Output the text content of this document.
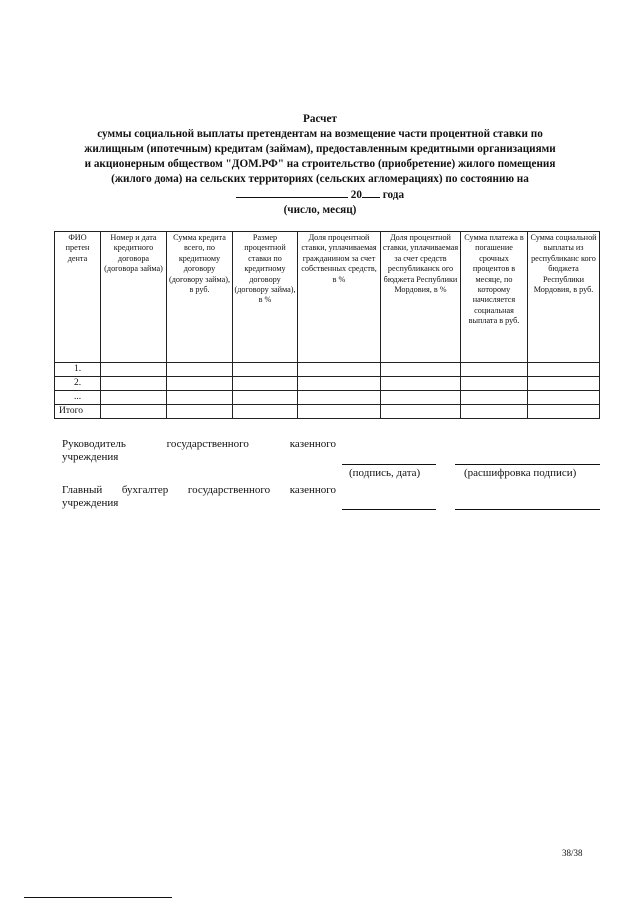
Расчет
суммы социальной выплаты претендентам на возмещение части процентной ставки по
жилищным (ипотечным) кредитам (займам), предоставленным кредитными организациями
и акционерным обществом "ДОМ.РФ" на строительство (приобретение) жилого помещения
(жилого дома) на сельских территориях (сельских агломерациях) по состоянию на
20 года
(число, месяц)
ФИО претен дента	Номер и дата кредитного договора (договора займа)	Сумма кредита всего, по кредитному договору (договору займа), в руб.	Размер процентной ставки по кредитному договору (договору займа), в %	Доля процентной ставки, уплачиваемая гражданином за счет собственных средств, в %	Доля процентной ставки, уплачиваемая за счет средств республиканск ого бюджета Республики Мордовия, в %	Сумма платежа в погашение срочных процентов в месяце, по которому начисляется социальная выплата в руб.	Сумма социальной выплаты из республиканс кого бюджета Республики Мордовия, в руб.
1.							
2.							
...							
Итого							
Руководитель государственного казенного
учреждения
(подпись, дата)	(расшифровка подписи)
Главный бухгалтер государственного казенного
учреждения
38/38
